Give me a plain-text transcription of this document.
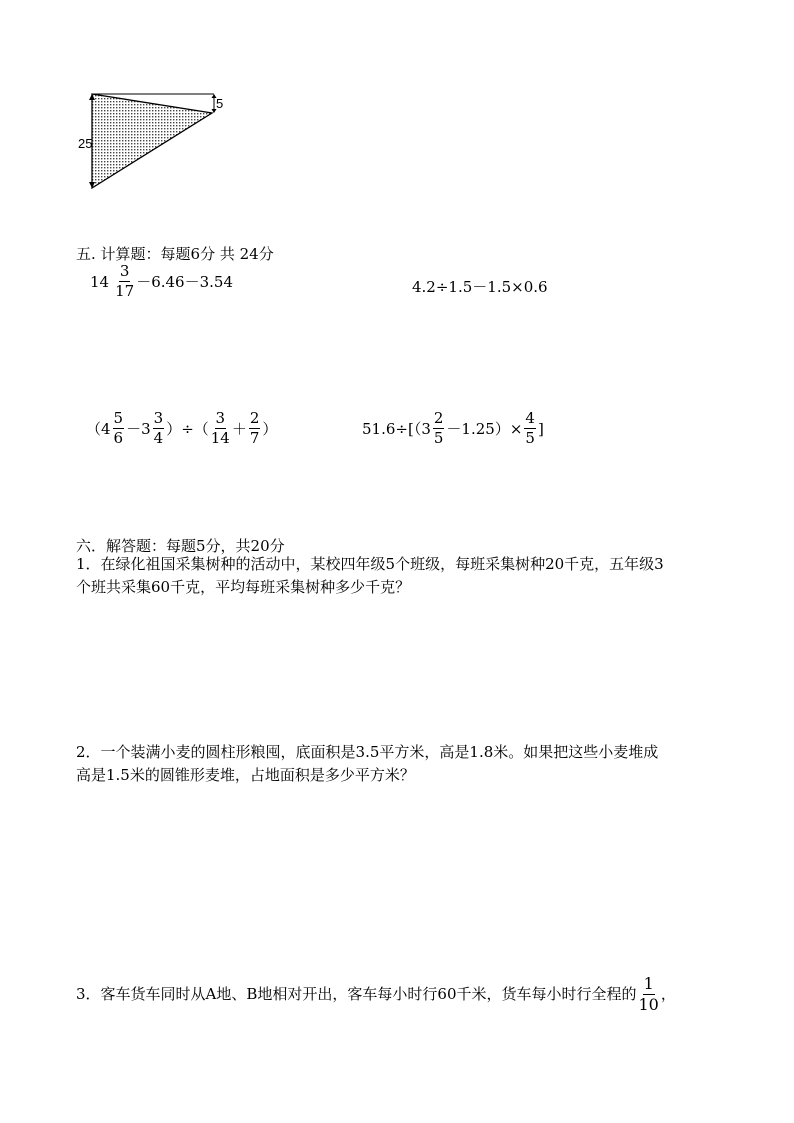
25
5
五. 计算题：每题6分 共 24分
$14 \frac{3}{17} -6.46-3.54$	4.2÷1.5－1.5×0.6
（$4 \frac{5}{6} -3 \frac{3}{4}$ ）÷（ $\frac{3}{14} + \frac{2}{7}$ ）	$51.6\div[(3 \frac{2}{5} -1.25)\times \frac{4}{5}$ ]
六．解答题：每题5分，共20分
1．在绿化祖国采集树种的活动中，某校四年级5个班级，每班采集树种20千克，五年级3
个班共采集60千克，平均每班采集树种多少千克？
2．一个装满小麦的圆柱形粮囤，底面积是3.5平方米，高是1.8米。如果把这些小麦堆成
高是1.5米的圆锥形麦堆，占地面积是多少平方米？
3．客车货车同时从A地、B地相对开出，客车每小时行60千米，货车每小时行全程的 $\frac{1}{10}$ ，
